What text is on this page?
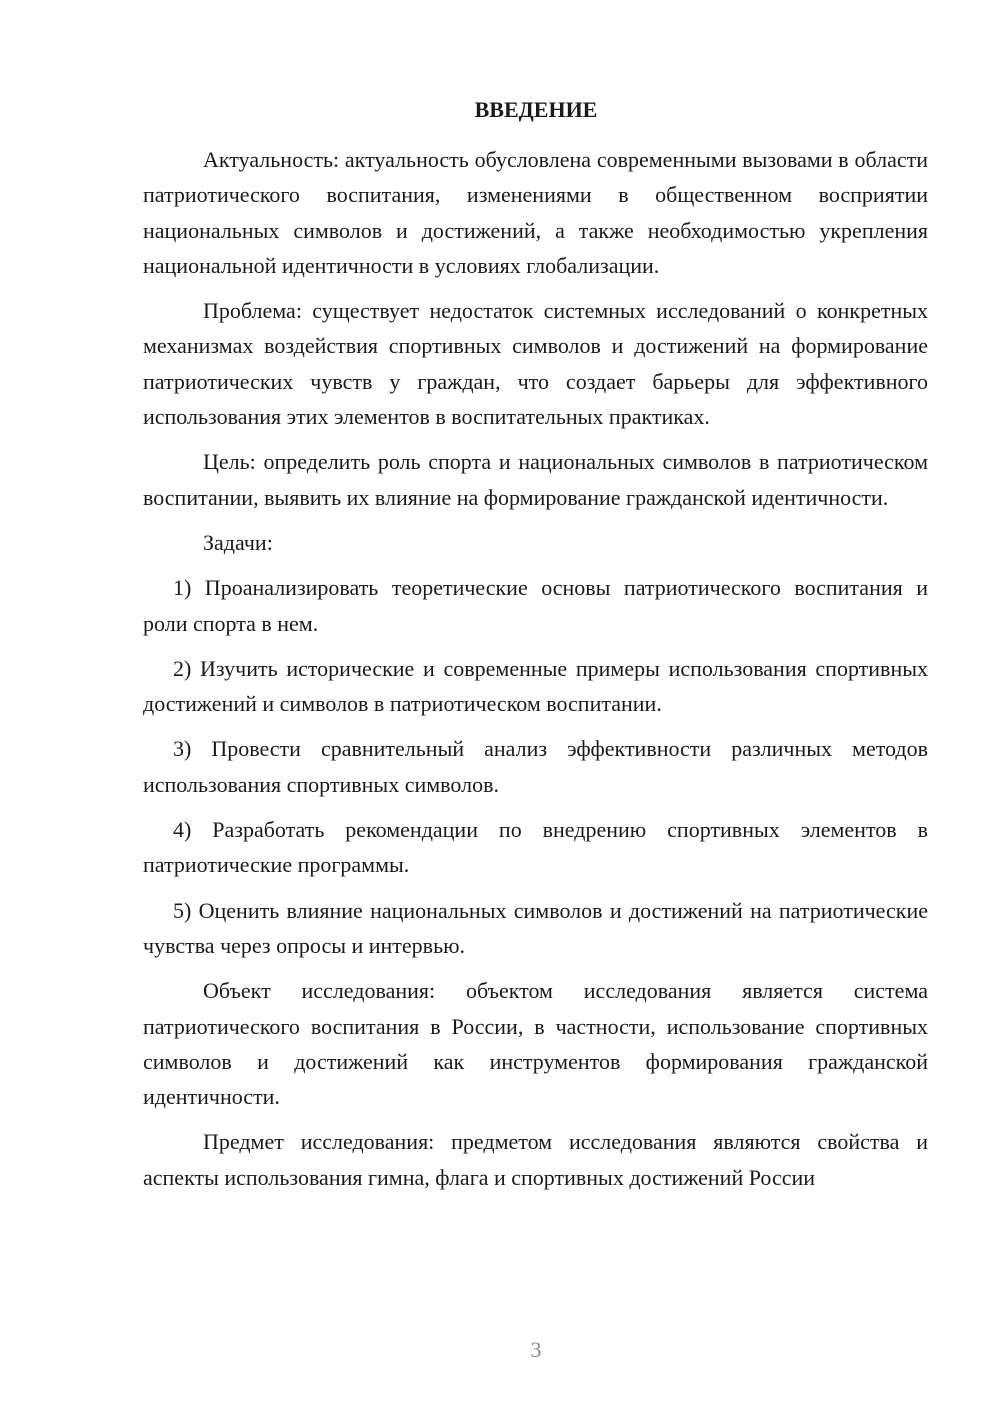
ВВЕДЕНИЕ

Актуальность: актуальность обусловлена современными вызовами в области патриотического воспитания, изменениями в общественном восприятии национальных символов и достижений, а также необходимостью укрепления национальной идентичности в условиях глобализации.

Проблема: существует недостаток системных исследований о конкретных механизмах воздействия спортивных символов и достижений на формирование патриотических чувств у граждан, что создает барьеры для эффективного использования этих элементов в воспитательных практиках.

Цель: определить роль спорта и национальных символов в патриотическом воспитании, выявить их влияние на формирование гражданской идентичности.

Задачи:

1) Проанализировать теоретические основы патриотического воспитания и роли спорта в нем.

2) Изучить исторические и современные примеры использования спортивных достижений и символов в патриотическом воспитании.

3) Провести сравнительный анализ эффективности различных методов использования спортивных символов.

4) Разработать рекомендации по внедрению спортивных элементов в патриотические программы.

5) Оценить влияние национальных символов и достижений на патриотические чувства через опросы и интервью.

Объект исследования: объектом исследования является система патриотического воспитания в России, в частности, использование спортивных символов и достижений как инструментов формирования гражданской идентичности.

Предмет исследования: предметом исследования являются свойства и аспекты использования гимна, флага и спортивных достижений России

3
